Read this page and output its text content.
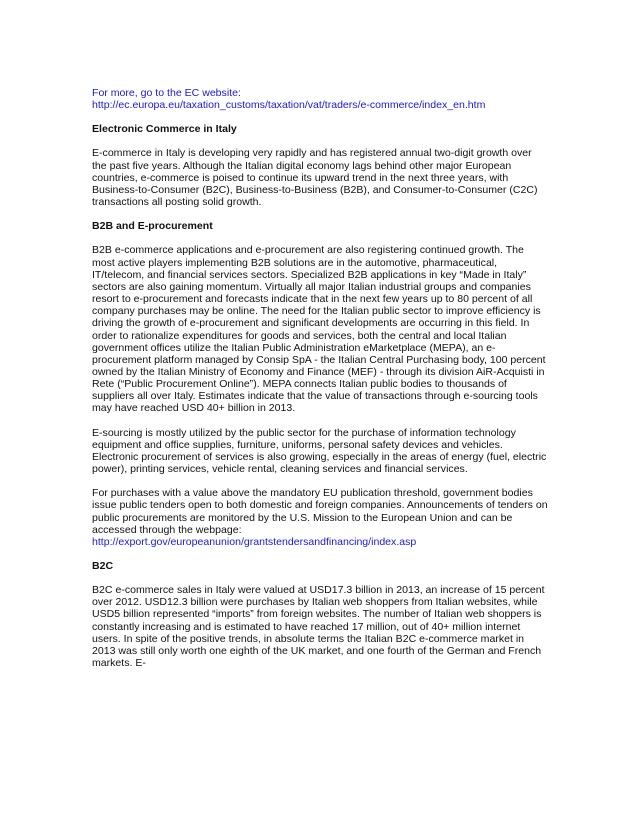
For more, go to the EC website:
http://ec.europa.eu/taxation_customs/taxation/vat/traders/e-commerce/index_en.htm
Electronic Commerce in Italy

E-commerce in Italy is developing very rapidly and has registered annual two-digit growth over the past five years. Although the Italian digital economy lags behind other major European countries, e-commerce is poised to continue its upward trend in the next three years, with Business-to-Consumer (B2C), Business-to-Business (B2B), and Consumer-to-Consumer (C2C) transactions all posting solid growth.

B2B and E-procurement

B2B e-commerce applications and e-procurement are also registering continued growth. The most active players implementing B2B solutions are in the automotive, pharmaceutical, IT/telecom, and financial services sectors. Specialized B2B applications in key “Made in Italy” sectors are also gaining momentum. Virtually all major Italian industrial groups and companies resort to e-procurement and forecasts indicate that in the next few years up to 80 percent of all company purchases may be online. The need for the Italian public sector to improve efficiency is driving the growth of e-procurement and significant developments are occurring in this field. In order to rationalize expenditures for goods and services, both the central and local Italian government offices utilize the Italian Public Administration eMarketplace (MEPA), an e-procurement platform managed by Consip SpA - the Italian Central Purchasing body, 100 percent owned by the Italian Ministry of Economy and Finance (MEF) - through its division AiR-Acquisti in Rete (“Public Procurement Online”). MEPA connects Italian public bodies to thousands of suppliers all over Italy. Estimates indicate that the value of transactions through e-sourcing tools may have reached USD 40+ billion in 2013.

E-sourcing is mostly utilized by the public sector for the purchase of information technology equipment and office supplies, furniture, uniforms, personal safety devices and vehicles. Electronic procurement of services is also growing, especially in the areas of energy (fuel, electric power), printing services, vehicle rental, cleaning services and financial services.

For purchases with a value above the mandatory EU publication threshold, government bodies issue public tenders open to both domestic and foreign companies. Announcements of tenders on public procurements are monitored by the U.S. Mission to the European Union and can be accessed through the webpage:

http://export.gov/europeanunion/grantstendersandfinancing/index.asp
B2C

B2C e-commerce sales in Italy were valued at USD17.3 billion in 2013, an increase of 15 percent over 2012. USD12.3 billion were purchases by Italian web shoppers from Italian websites, while USD5 billion represented “imports” from foreign websites. The number of Italian web shoppers is constantly increasing and is estimated to have reached 17 million, out of 40+ million internet users. In spite of the positive trends, in absolute terms the Italian B2C e-commerce market in 2013 was still only worth one eighth of the UK market, and one fourth of the German and French markets. E-
